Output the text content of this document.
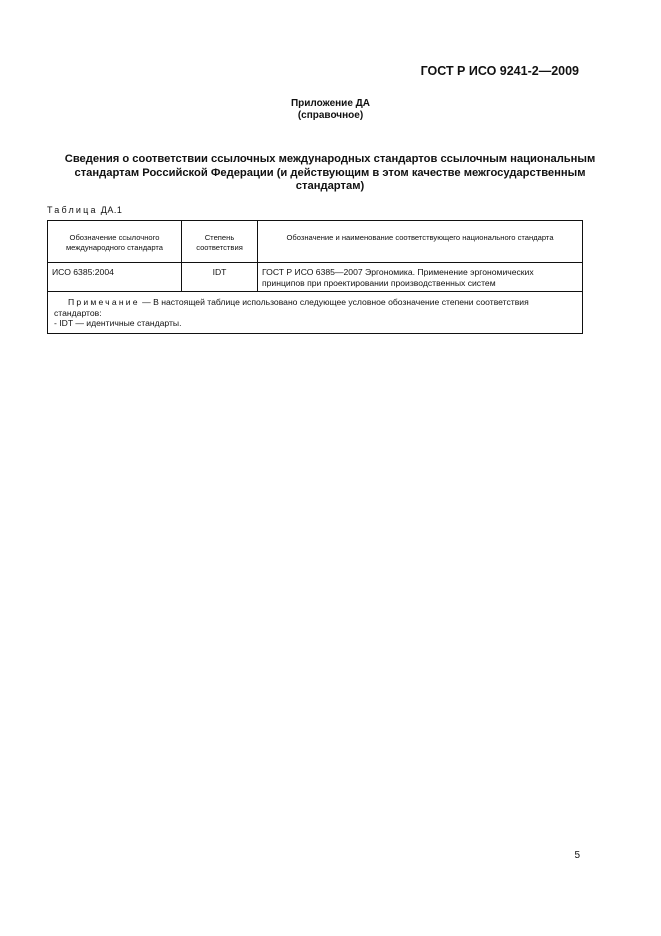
ГОСТ Р ИСО 9241-2—2009
Приложение ДА
(справочное)
Сведения о соответствии ссылочных международных стандартов ссылочным национальным стандартам Российской Федерации (и действующим в этом качестве межгосударственным стандартам)
Таблица ДА.1
Обозначение ссылочного международного стандарта	Степень соответствия	Обозначение и наименование соответствующего национального стандарта
ИСО 6385:2004	IDT	ГОСТ Р ИСО 6385—2007 Эргономика. Применение эргономических принципов при проектировании производственных систем
Примечание — В настоящей таблице использовано следующее условное обозначение степени соответствия стандартов:
- IDT — идентичные стандарты.		
5
